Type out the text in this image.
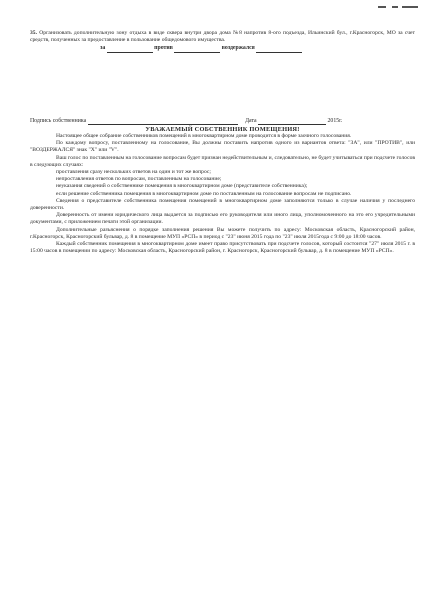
35. Организовать дополнительную зону отдыха в виде сквера внутри двора дома №8 напротив 8-ого подъезда, Ильинский бул., г.Красногорск, МО за счет средств, полученных за предоставление в пользование общедомового имущества.

за	против	воздержался
Подпись собственника	Дата	2015г.

УВАЖАЕМЫЙ СОБСТВЕННИК ПОМЕЩЕНИЯ!

Настоящее общее собрание собственников помещений в многоквартирном доме проводится в форме заочного голосования.

По каждому вопросу, поставленному на голосование, Вы должны поставить напротив одного из вариантов ответа: "ЗА", или "ПРОТИВ", или "ВОЗДЕРЖАЛСЯ" знак "Х" или "V".

Ваш голос по поставленным на голосование вопросам будет признан недействительным и, следовательно, не будет учитываться при подсчете голосов в следующих случаях:

проставления сразу нескольких ответов на один и тот же вопрос;

непроставления ответов по вопросам, поставленным на голосование;

неуказания сведений о собственнике помещения в многоквартирном доме (представителе собственника);

если решение собственника помещения в многоквартирном доме по поставленным на голосование вопросам не подписано.

Сведения о представителе собственника помещения помещений в многоквартирном доме заполняются только в случае наличия у последнего доверенности.

Доверенность от имени юридического лица выдается за подписью его руководителя или иного лица, уполномоченного на это его учредительными документами, с приложением печати этой организации.

Дополнительные разъяснения о порядке заполнения решения Вы можете получить по адресу: Московская область, Красногорский район, г.Красногорск, Красногорский бульвар, д. 8 в помещение МУП «РСП» в период с "23" июня 2015 года по "23" июля 2015года с 9:00 до 18:00 часов.

Каждый собственник помещения в многоквартирном доме имеет право присутствовать при подсчете голосов, который состоится "27" июля 2015 г. в 15:00 часов в помещении по адресу: Московская область, Красногорский район, г. Красногорск, Красногорский бульвар, д. 8 в помещение МУП «РСП».
